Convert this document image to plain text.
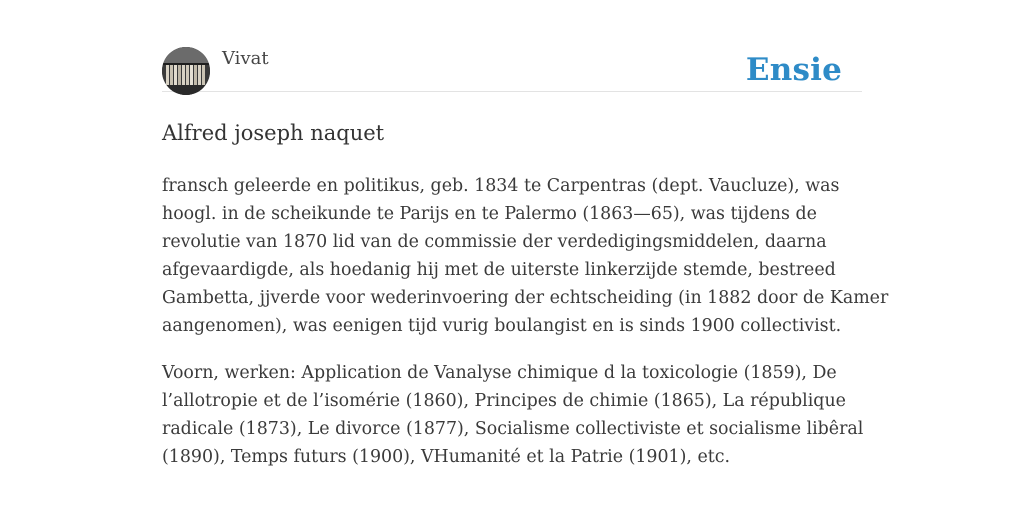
Vivat	Ensie
Alfred joseph naquet

fransch geleerde en politikus, geb. 1834 te Carpentras (dept. Vaucluze), was
hoogl. in de scheikunde te Parijs en te Palermo (1863—65), was tijdens de
revolutie van 1870 lid van de commissie der verdedigingsmiddelen, daarna
afgevaardigde, als hoedanig hij met de uiterste linkerzijde stemde, bestreed
Gambetta, jjverde voor wederinvoering der echtscheiding (in 1882 door de Kamer
aangenomen), was eenigen tijd vurig boulangist en is sinds 1900 collectivist.

Voorn, werken: Application de Vanalyse chimique d la toxicologie (1859), De
l’allotropie et de l’isomérie (1860), Principes de chimie (1865), La république
radicale (1873), Le divorce (1877), Socialisme collectiviste et socialisme libêral
(1890), Temps futurs (1900), VHumanité et la Patrie (1901), etc.
